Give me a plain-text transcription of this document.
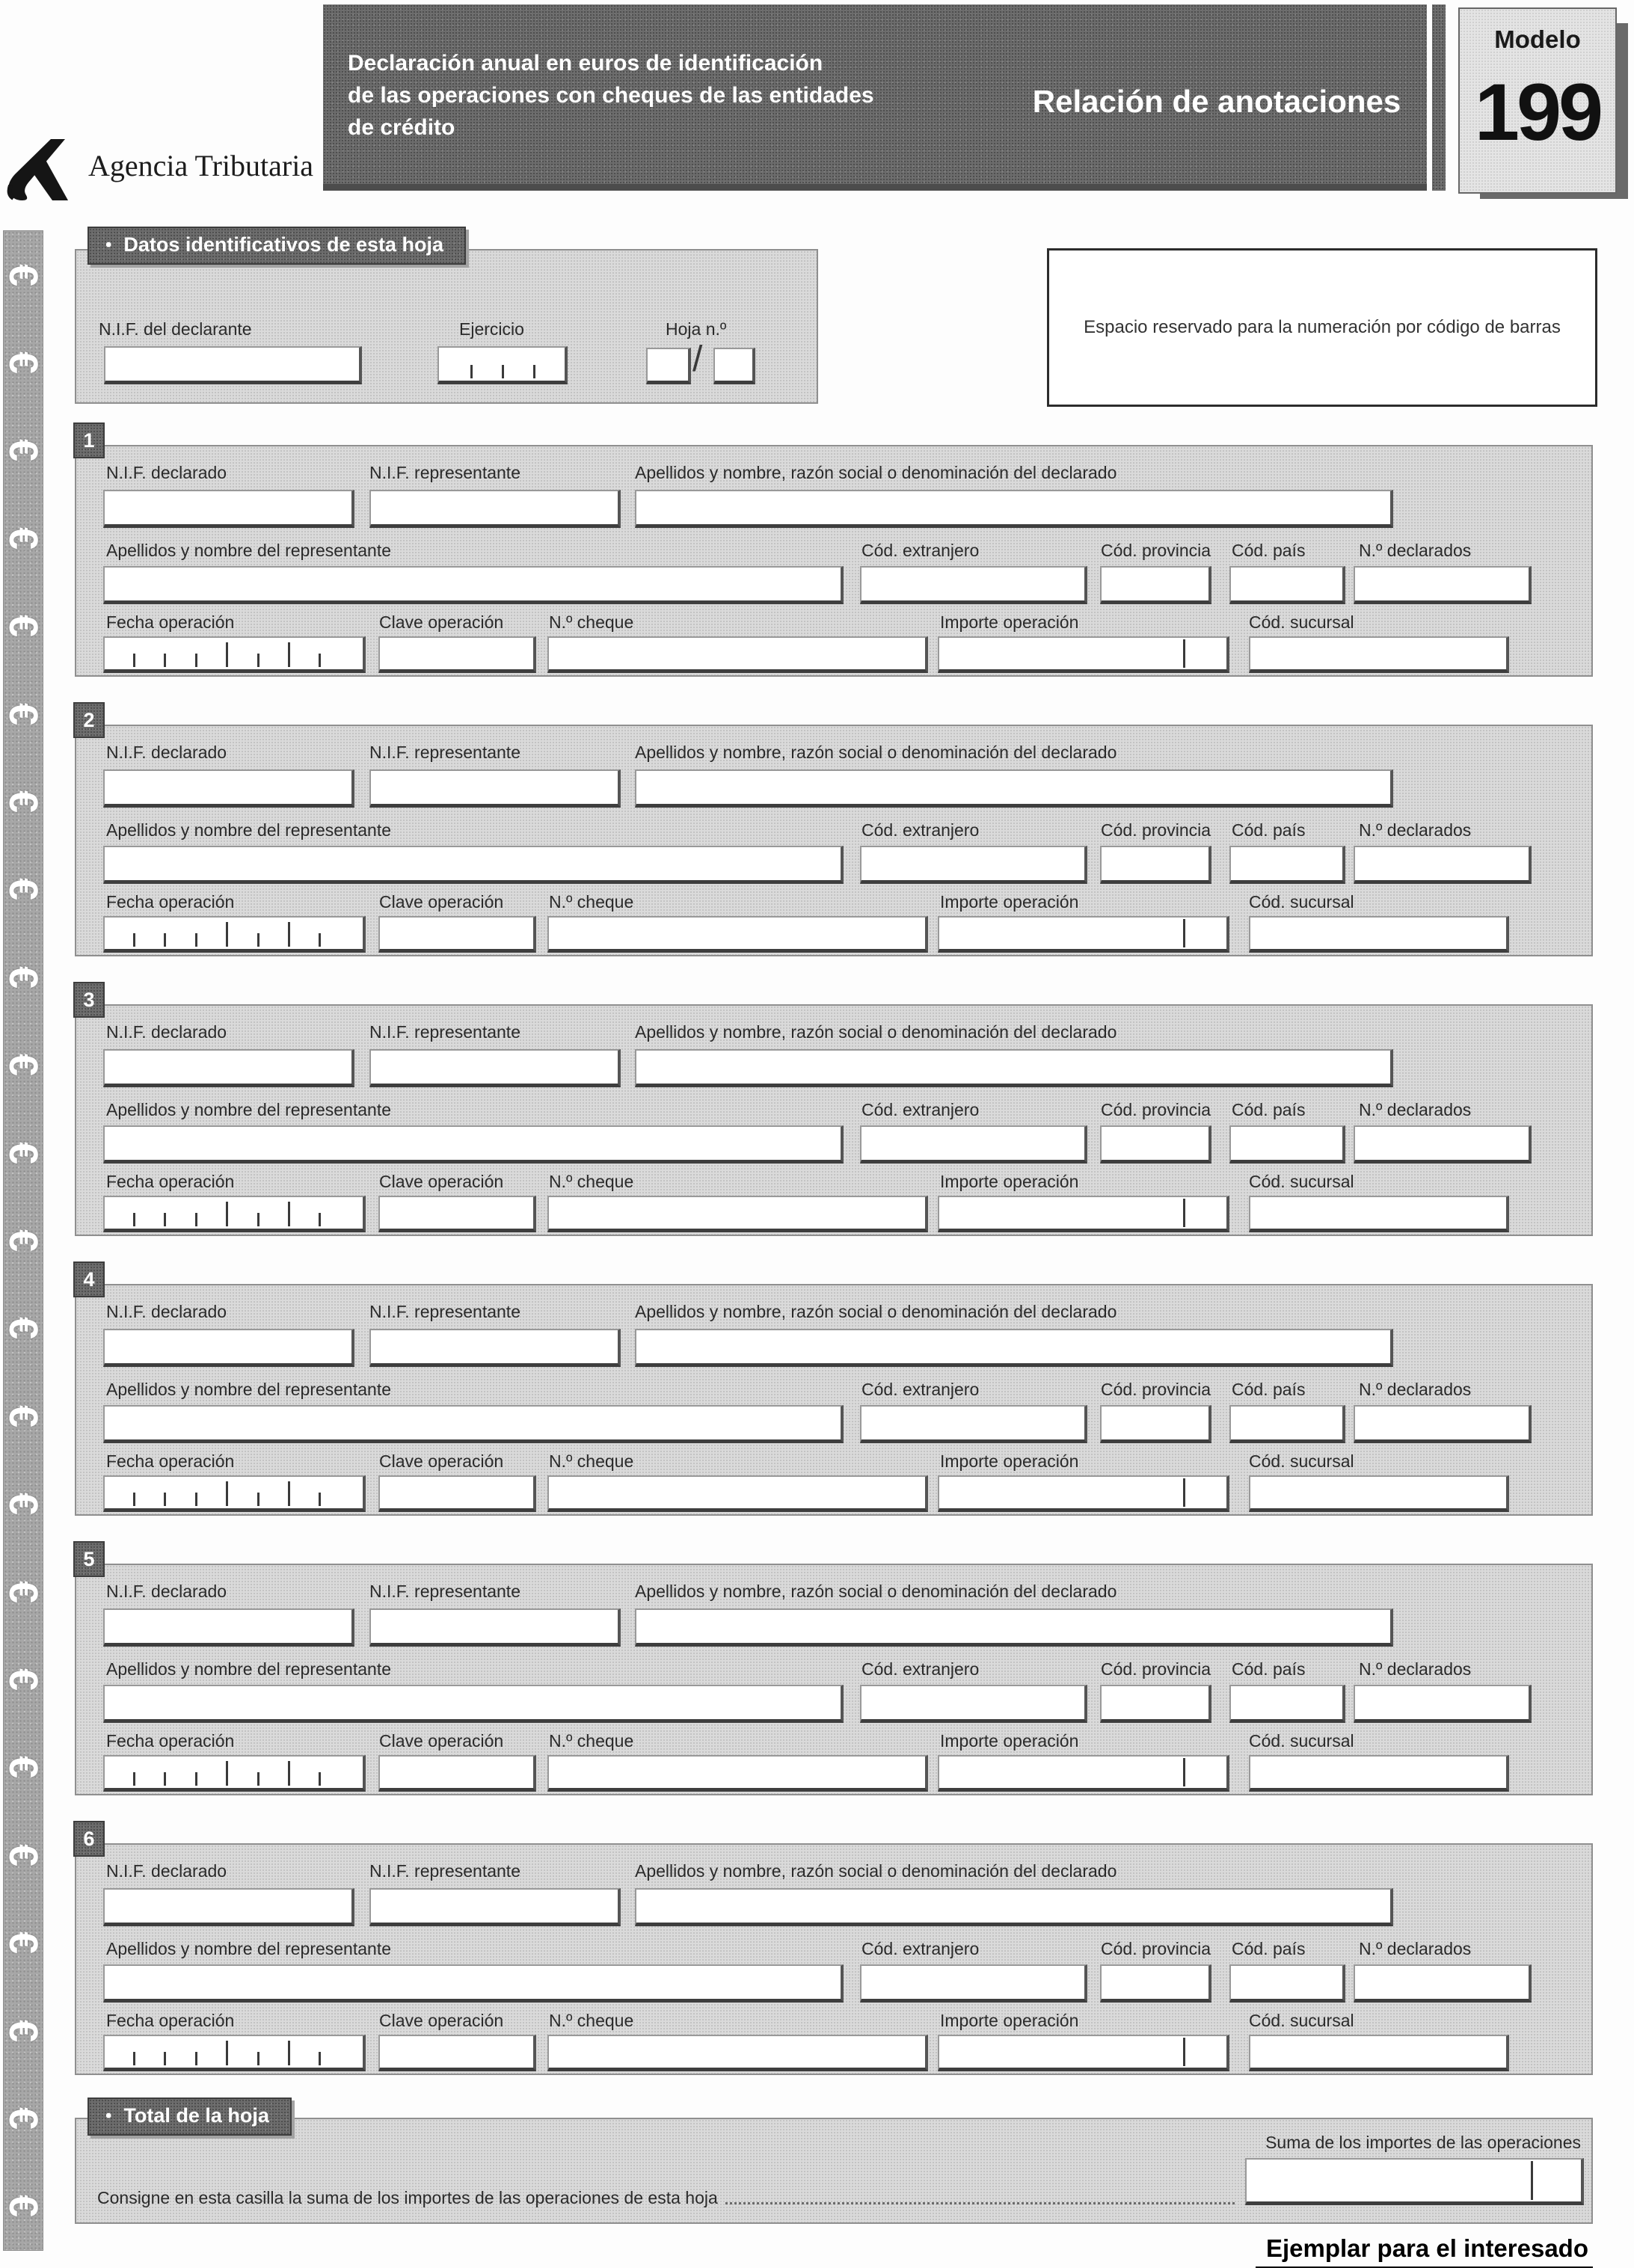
Agencia Tributaria
Declaración anual en euros de identificación
de las operaciones con cheques de las entidades
de crédito
Relación de anotaciones
Modelo
199
€
€
€
€
€
€
€
€
€
€
€
€
€
€
€
€
€
€
€
€
€
€
€
• Datos identificativos de esta hoja
N.I.F. del declarante	Ejercicio	Hoja n.º
/
Espacio reservado para la numeración por código de barras
1
N.I.F. declarado	N.I.F. representante	Apellidos y nombre, razón social o denominación del declarado
Apellidos y nombre del representante	Cód. extranjero	Cód. provincia Cód. país	N.º declarados
Fecha operación	Clave operación	N.º cheque	Importe operación	Cód. sucursal
2
N.I.F. declarado	N.I.F. representante	Apellidos y nombre, razón social o denominación del declarado
Apellidos y nombre del representante	Cód. extranjero	Cód. provincia Cód. país	N.º declarados
Fecha operación	Clave operación	N.º cheque	Importe operación	Cód. sucursal
3
N.I.F. declarado	N.I.F. representante	Apellidos y nombre, razón social o denominación del declarado
Apellidos y nombre del representante	Cód. extranjero	Cód. provincia Cód. país	N.º declarados
Fecha operación	Clave operación	N.º cheque	Importe operación	Cód. sucursal
4
N.I.F. declarado	N.I.F. representante	Apellidos y nombre, razón social o denominación del declarado
Apellidos y nombre del representante	Cód. extranjero	Cód. provincia Cód. país	N.º declarados
Fecha operación	Clave operación	N.º cheque	Importe operación	Cód. sucursal
5
N.I.F. declarado	N.I.F. representante	Apellidos y nombre, razón social o denominación del declarado
Apellidos y nombre del representante	Cód. extranjero	Cód. provincia Cód. país	N.º declarados
Fecha operación	Clave operación	N.º cheque	Importe operación	Cód. sucursal
6
N.I.F. declarado	N.I.F. representante	Apellidos y nombre, razón social o denominación del declarado
Apellidos y nombre del representante	Cód. extranjero	Cód. provincia Cód. país	N.º declarados
Fecha operación	Clave operación	N.º cheque	Importe operación	Cód. sucursal
• Total de la hoja
Suma de los importes de las operaciones
Consigne en esta casilla la suma de los importes de las operaciones de esta hoja
Ejemplar para el interesado
